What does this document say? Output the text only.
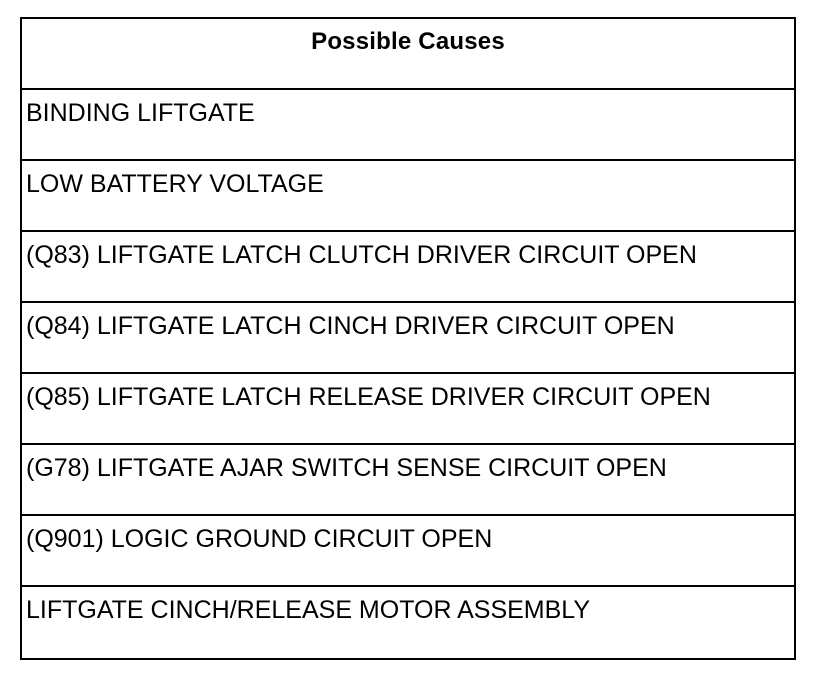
Possible Causes
BINDING LIFTGATE
LOW BATTERY VOLTAGE
(Q83) LIFTGATE LATCH CLUTCH DRIVER CIRCUIT OPEN
(Q84) LIFTGATE LATCH CINCH DRIVER CIRCUIT OPEN
(Q85) LIFTGATE LATCH RELEASE DRIVER CIRCUIT OPEN
(G78) LIFTGATE AJAR SWITCH SENSE CIRCUIT OPEN
(Q901) LOGIC GROUND CIRCUIT OPEN
LIFTGATE CINCH/RELEASE MOTOR ASSEMBLY
